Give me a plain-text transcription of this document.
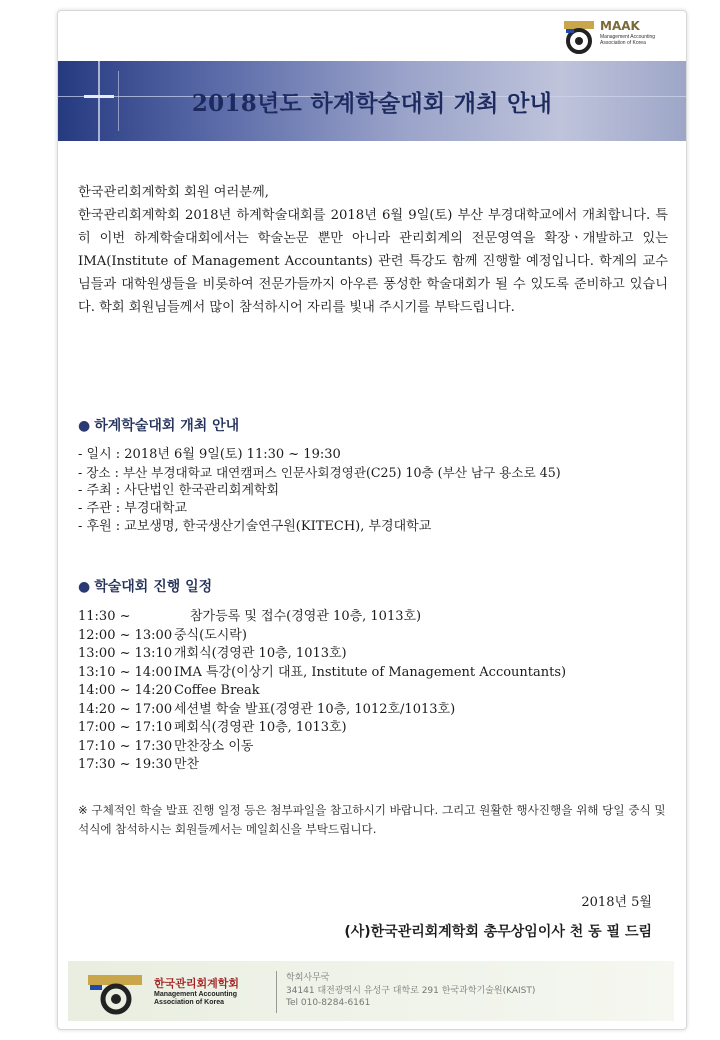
MAAK
Management Accounting Association of Korea
2018년도 하계학술대회 개최 안내

한국관리회계학회 회원 여러분께,

한국관리회계학회 2018년 하계학술대회를 2018년 6월 9일(토) 부산 부경대학교에서 개최합니다. 특히 이번 하계학술대회에서는 학술논문 뿐만 아니라 관리회계의 전문영역을 확장ㆍ개발하고 있는 IMA(Institute of Management Accountants) 관련 특강도 함께 진행할 예정입니다. 학계의 교수님들과 대학원생들을 비롯하여 전문가들까지 아우른 풍성한 학술대회가 될 수 있도록 준비하고 있습니다. 학회 회원님들께서 많이 참석하시어 자리를 빛내 주시기를 부탁드립니다.

● 하계학술대회 개최 안내
- 일시 : 2018년 6월 9일(토) 11:30 ~ 19:30
- 장소 : 부산 부경대학교 대연캠퍼스 인문사회경영관(C25) 10층 (부산 남구 용소로 45)
- 주최 : 사단법인 한국관리회계학회
- 주관 : 부경대학교
- 후원 : 교보생명, 한국생산기술연구원(KITECH), 부경대학교
● 학술대회 진행 일정
11:30 ~	참가등록 및 접수(경영관 10층, 1013호)
12:00 ~ 13:00 중식(도시락)
13:00 ~ 13:10 개회식(경영관 10층, 1013호)
13:10 ~ 14:00 IMA 특강(이상기 대표, Institute of Management Accountants)
14:00 ~ 14:20 Coffee Break
14:20 ~ 17:00 세션별 학술 발표(경영관 10층, 1012호/1013호)
17:00 ~ 17:10 폐회식(경영관 10층, 1013호)
17:10 ~ 17:30 만찬장소 이동
17:30 ~ 19:30 만찬
※ 구체적인 학술 발표 진행 일정 등은 첨부파일을 참고하시기 바랍니다. 그리고 원활한 행사진행을 위해 당일 중식 및 석식에 참석하시는 회원들께서는 메일회신을 부탁드립니다.
2018년 5월
(사)한국관리회계학회 총무상임이사 천 동 필 드림
한국관리회계학회
Management Accounting
Association of Korea
학회사무국
34141 대전광역시 유성구 대학로 291 한국과학기술원(KAIST)
Tel 010-8284-6161
